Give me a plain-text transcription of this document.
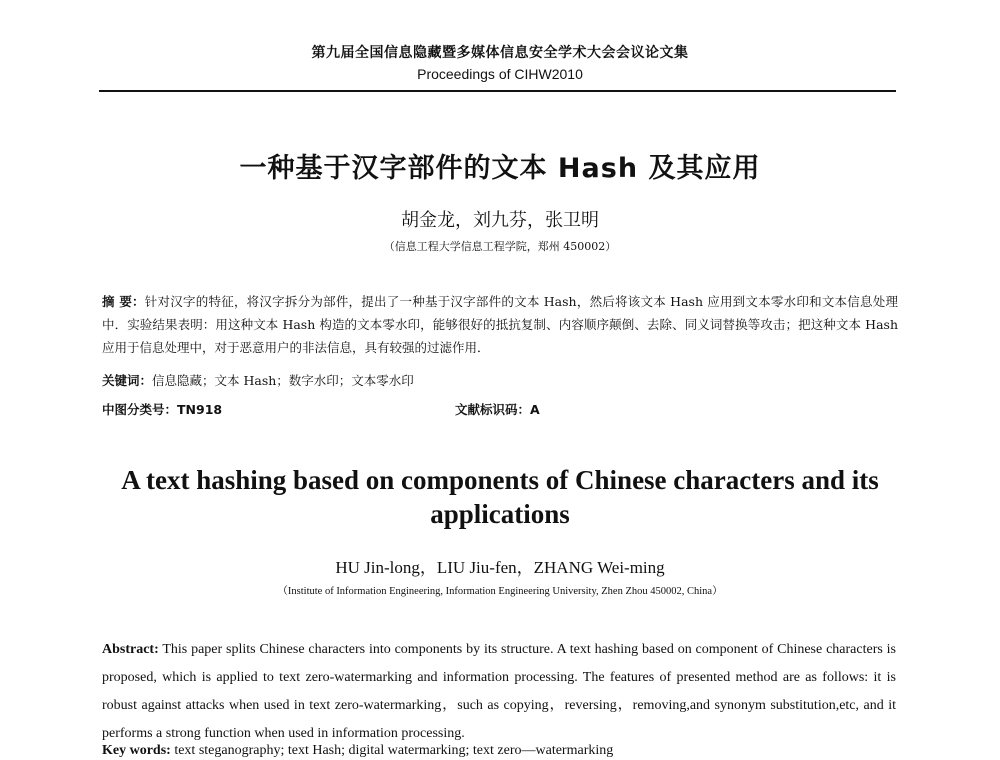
第九届全国信息隐藏暨多媒体信息安全学术大会会议论文集
Proceedings of CIHW2010
一种基于汉字部件的文本 Hash 及其应用
胡金龙，刘九芬，张卫明
（信息工程大学信息工程学院，郑州 450002）
摘 要：针对汉字的特征，将汉字拆分为部件，提出了一种基于汉字部件的文本 Hash，然后将该文本 Hash 应用到文本零水印和文本信息处理中．实验结果表明：用这种文本 Hash 构造的文本零水印，能够很好的抵抗复制、内容顺序颠倒、去除、同义词替换等攻击；把这种文本 Hash 应用于信息处理中，对于恶意用户的非法信息，具有较强的过滤作用．
关键词：信息隐藏；文本 Hash；数字水印；文本零水印
中图分类号：TN918	文献标识码：A
A text hashing based on components of Chinese characters and its applications
HU Jin-long，LIU Jiu-fen，ZHANG Wei-ming
（Institute of Information Engineering, Information Engineering University, Zhen Zhou 450002, China）
Abstract: This paper splits Chinese characters into components by its structure. A text hashing based on component of Chinese characters is proposed, which is applied to text zero-watermarking and information processing. The features of presented method are as follows: it is robust against attacks when used in text zero-watermarking，such as copying，reversing，removing,and synonym substitution,etc, and it performs a strong function when used in information processing.
Key words: text steganography; text Hash; digital watermarking; text zero—watermarking
